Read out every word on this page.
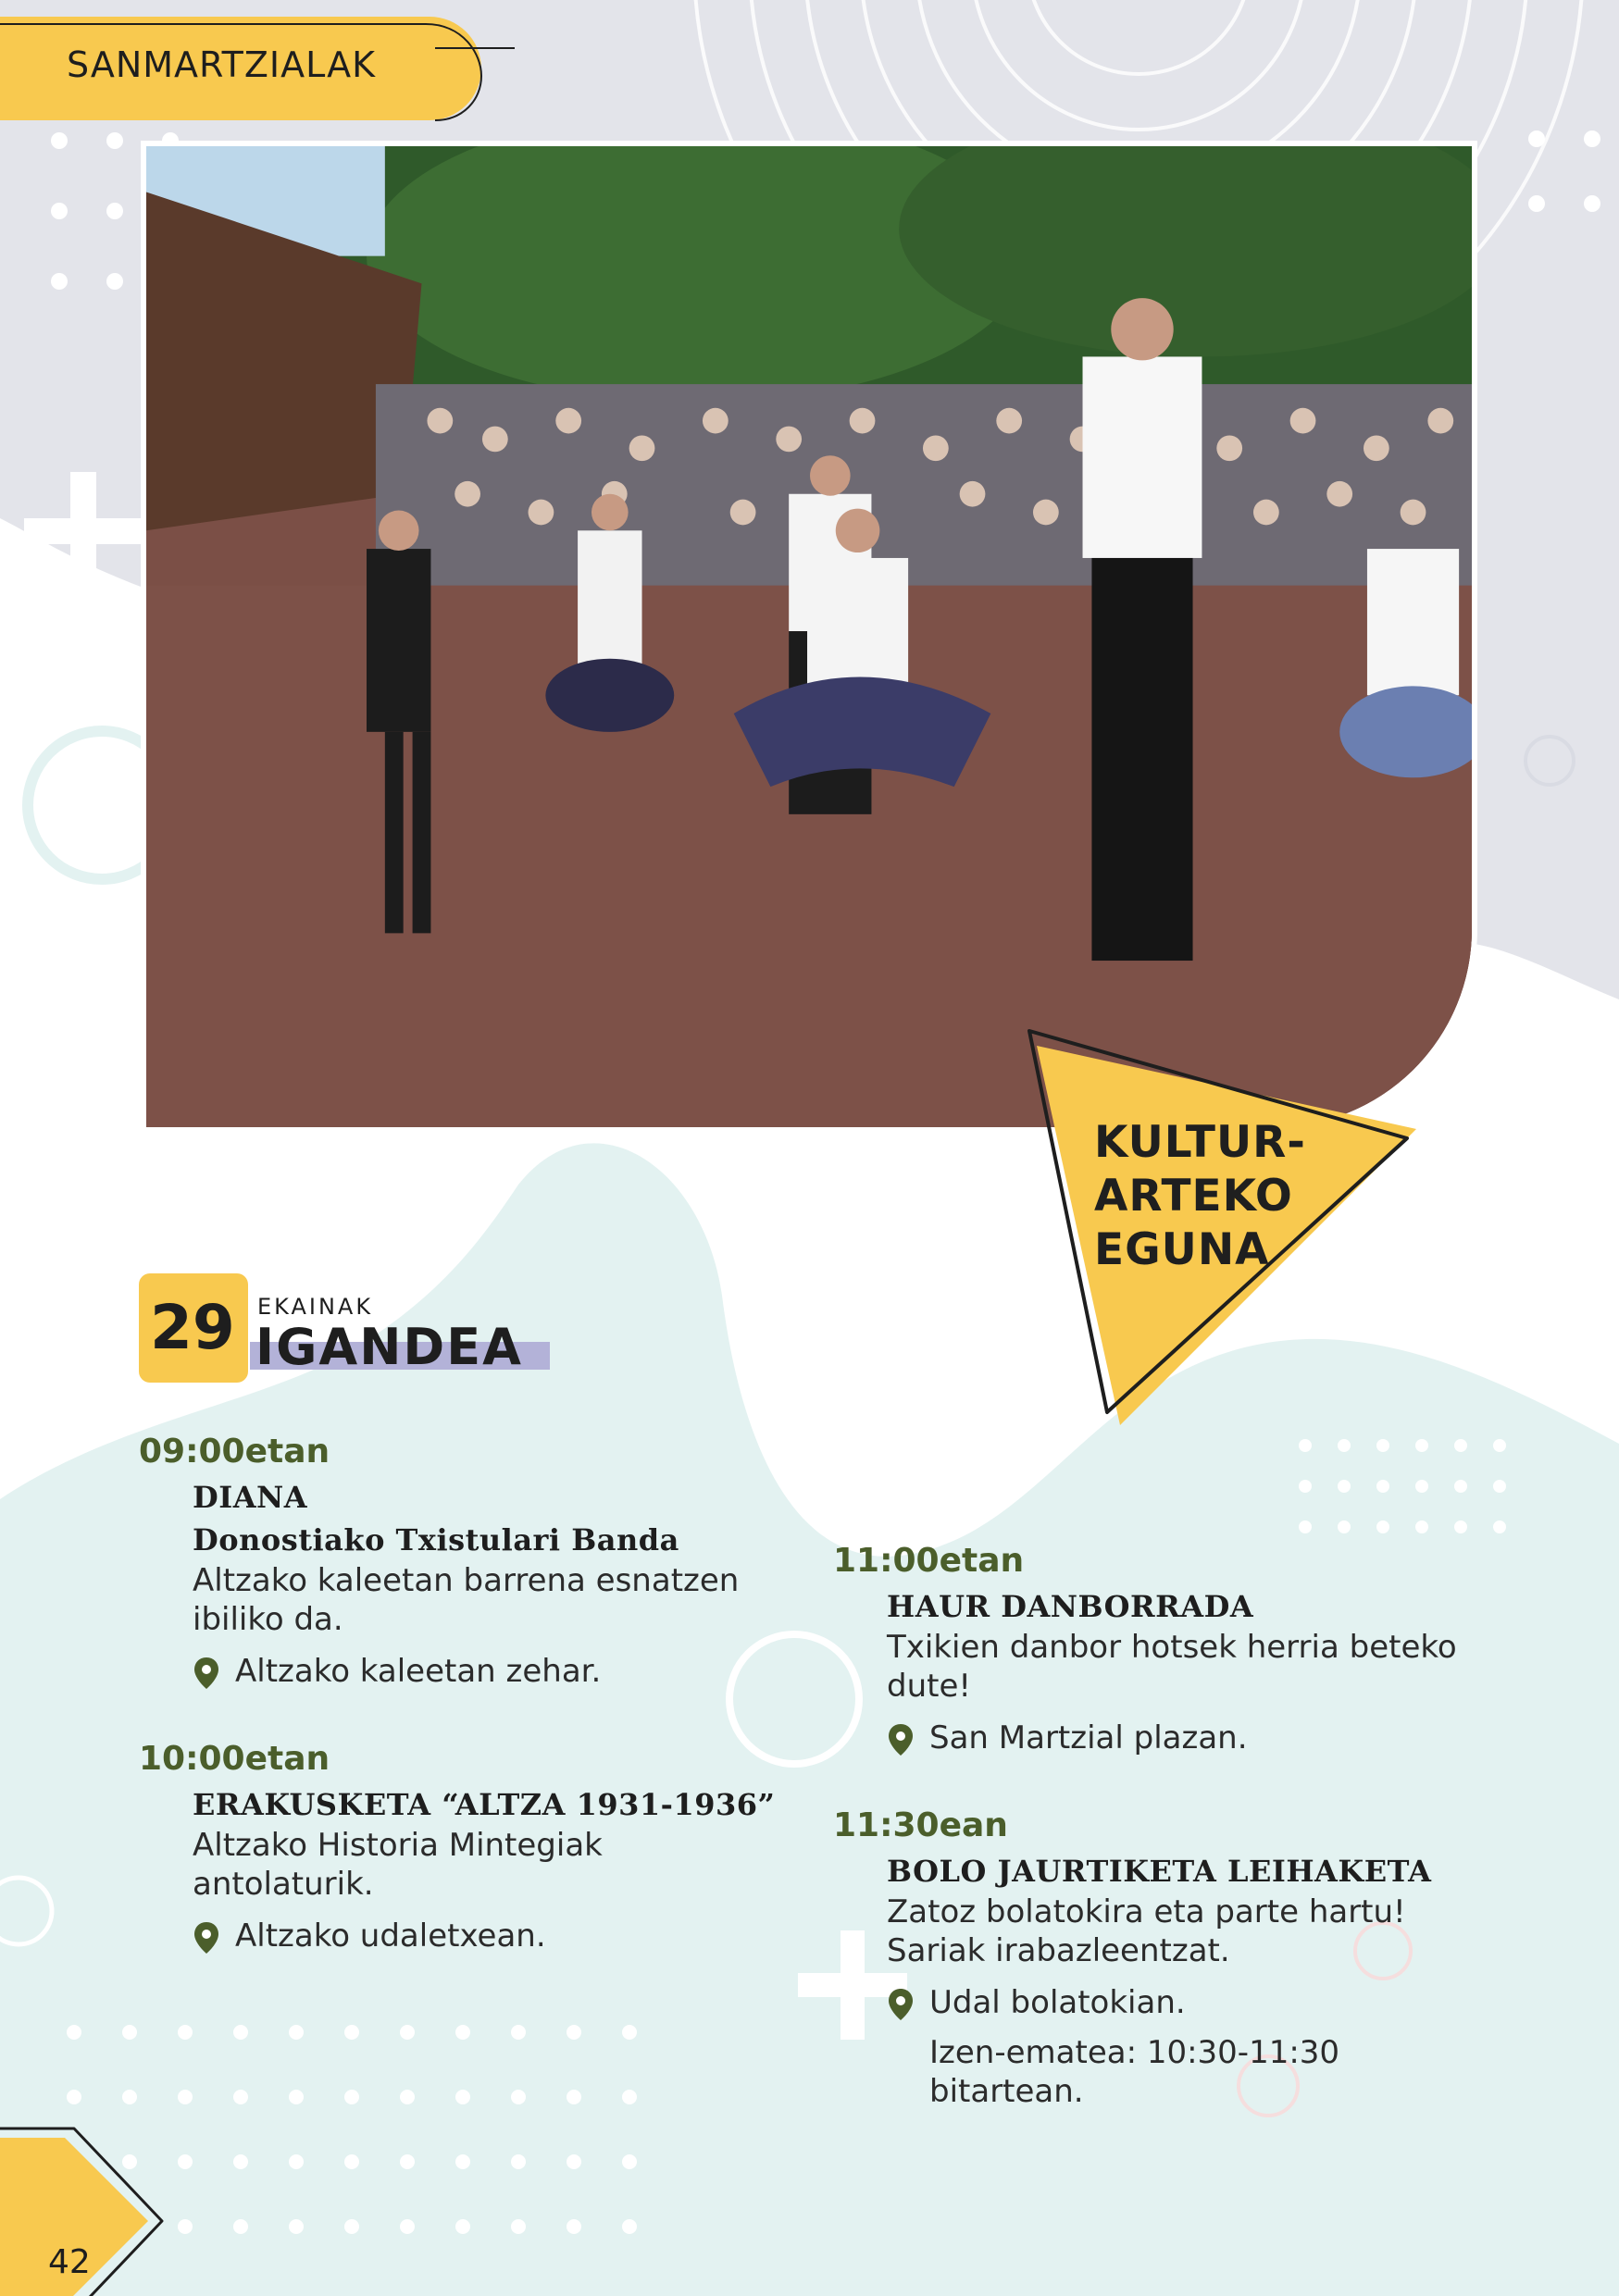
SANMARTZIALAK
KULTUR-
ARTEKO
EGUNA
29	EKAINAK
IGANDEA
09:00etan
DIANA
Donostiako Txistulari Banda
Altzako kaleetan barrena esnatzen ibiliko da.
Altzako kaleetan zehar.
10:00etan
ERAKUSKETA “ALTZA 1931-1936”
Altzako Historia Mintegiak antolaturik.
Altzako udaletxean.
11:00etan
HAUR DANBORRADA
Txikien danbor hotsek herria beteko dute!
San Martzial plazan.
11:30ean
BOLO JAURTIKETA LEIHAKETA
Zatoz bolatokira eta parte hartu! Sariak irabazleentzat.
Udal bolatokian.
Izen-ematea: 10:30-11:30 bitartean.
42
